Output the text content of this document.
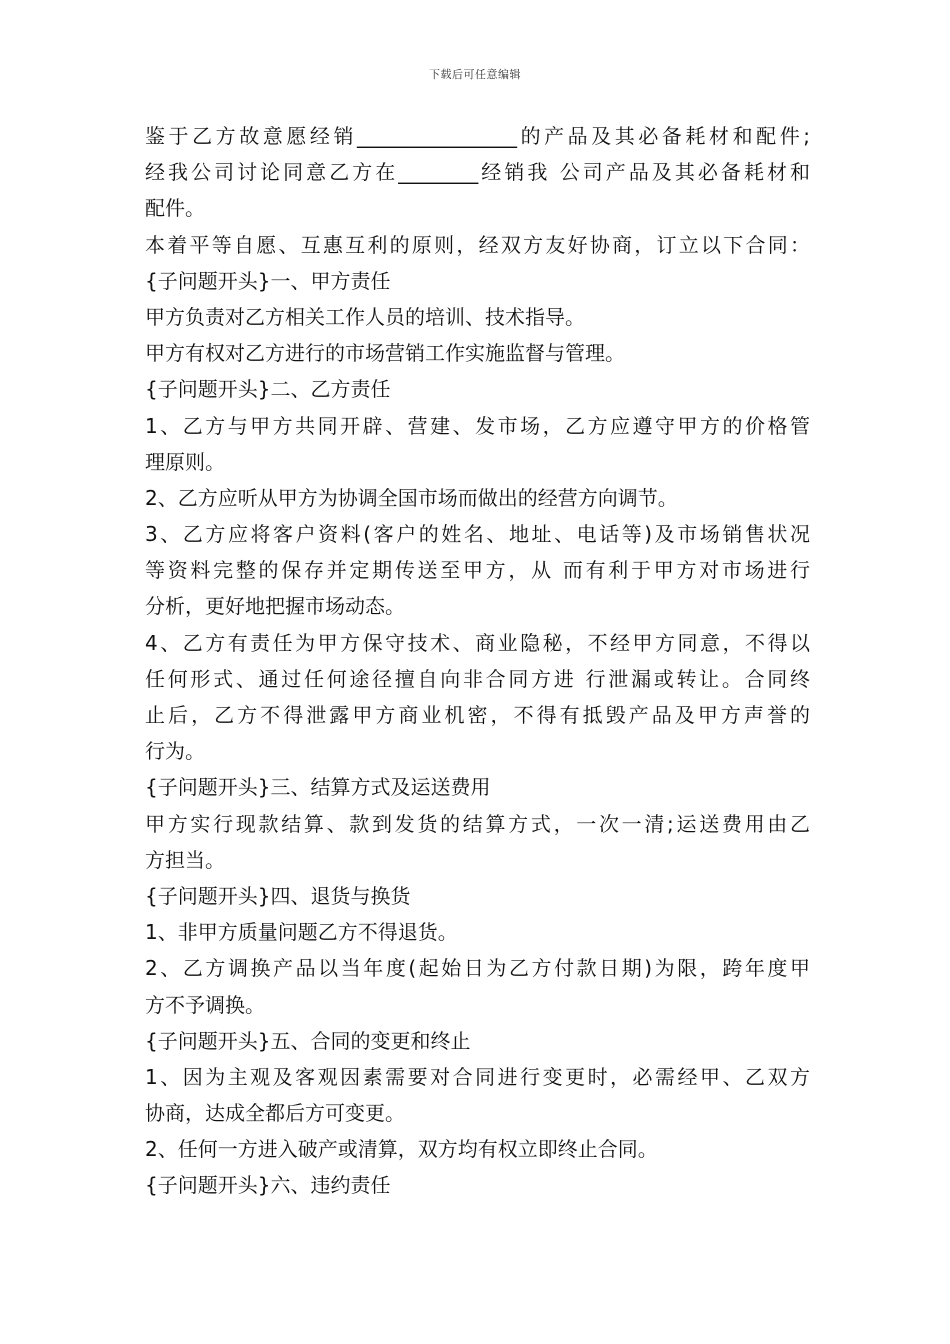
下载后可任意编辑
鉴于乙方故意愿经销________________的产品及其必备耗材和配件;
经我公司讨论同意乙方在________经销我 公司产品及其必备耗材和
配件。
本着平等自愿、互惠互利的原则，经双方友好协商，订立以下合同：
{子问题开头}一、甲方责任
甲方负责对乙方相关工作人员的培训、技术指导。
甲方有权对乙方进行的市场营销工作实施监督与管理。
{子问题开头}二、乙方责任
1、乙方与甲方共同开辟、营建、发市场，乙方应遵守甲方的价格管
理原则。
2、乙方应听从甲方为协调全国市场而做出的经营方向调节。
3、乙方应将客户资料(客户的姓名、地址、电话等)及市场销售状况
等资料完整的保存并定期传送至甲方，从 而有利于甲方对市场进行
分析，更好地把握市场动态。
4、乙方有责任为甲方保守技术、商业隐秘，不经甲方同意，不得以
任何形式、通过任何途径擅自向非合同方进 行泄漏或转让。合同终
止后，乙方不得泄露甲方商业机密，不得有抵毁产品及甲方声誉的
行为。
{子问题开头}三、结算方式及运送费用
甲方实行现款结算、款到发货的结算方式，一次一清;运送费用由乙
方担当。
{子问题开头}四、退货与换货
1、非甲方质量问题乙方不得退货。
2、乙方调换产品以当年度(起始日为乙方付款日期)为限，跨年度甲
方不予调换。
{子问题开头}五、合同的变更和终止
1、因为主观及客观因素需要对合同进行变更时，必需经甲、乙双方
协商，达成全都后方可变更。
2、任何一方进入破产或清算，双方均有权立即终止合同。
{子问题开头}六、违约责任
